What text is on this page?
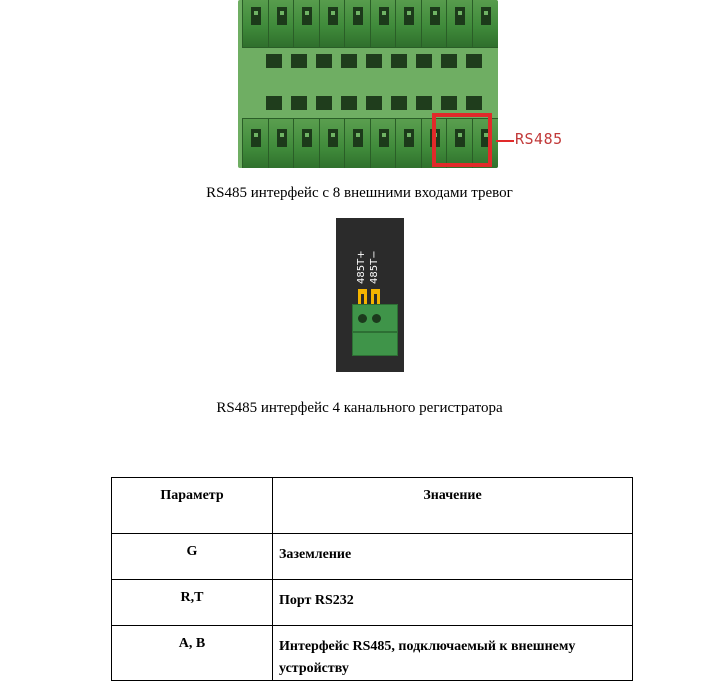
RS485
RS485 интерфейс с 8 внешними входами тревог
485T+ 485T−
RS485 интерфейс 4 канального регистратора
Параметр	Значение
G	Заземление
R,T	Порт RS232
A, B	Интерфейс RS485, подключаемый к внешнему устройству
